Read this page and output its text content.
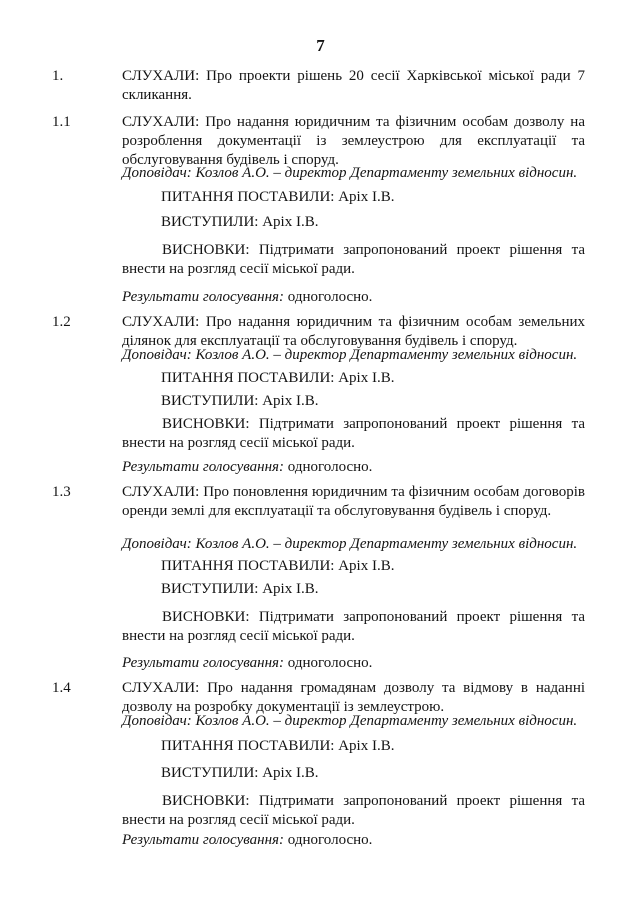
7
1.	СЛУХАЛИ: Про проекти рішень 20 сесії Харківської міської ради 7 скликання.

1.1	СЛУХАЛИ: Про надання юридичним та фізичним особам дозволу на розроблення документації із землеустрою для експлуатації та обслуговування будівель і споруд.

Доповідач: Козлов А.О. – директор Департаменту земельних відносин.
ПИТАННЯ ПОСТАВИЛИ: Аріх І.В.
ВИСТУПИЛИ: Аріх І.В.

ВИСНОВКИ: Підтримати запропонований проект рішення та внести на розгляд сесії міської ради.

Результати голосування: одноголосно.
1.2	СЛУХАЛИ: Про надання юридичним та фізичним особам земельних ділянок для експлуатації та обслуговування будівель і споруд.

Доповідач: Козлов А.О. – директор Департаменту земельних відносин.
ПИТАННЯ ПОСТАВИЛИ: Аріх І.В.
ВИСТУПИЛИ: Аріх І.В.

ВИСНОВКИ: Підтримати запропонований проект рішення та внести на розгляд сесії міської ради.

Результати голосування: одноголосно.
1.3	СЛУХАЛИ: Про поновлення юридичним та фізичним особам договорів оренди землі для експлуатації та обслуговування будівель і споруд.

Доповідач: Козлов А.О. – директор Департаменту земельних відносин.
ПИТАННЯ ПОСТАВИЛИ: Аріх І.В.
ВИСТУПИЛИ: Аріх І.В.

ВИСНОВКИ: Підтримати запропонований проект рішення та внести на розгляд сесії міської ради.

Результати голосування: одноголосно.
1.4	СЛУХАЛИ: Про надання громадянам дозволу та відмову в наданні дозволу на розробку документації із землеустрою.

Доповідач: Козлов А.О. – директор Департаменту земельних відносин.
ПИТАННЯ ПОСТАВИЛИ: Аріх І.В.
ВИСТУПИЛИ: Аріх І.В.

ВИСНОВКИ: Підтримати запропонований проект рішення та внести на розгляд сесії міської ради.

Результати голосування: одноголосно.
